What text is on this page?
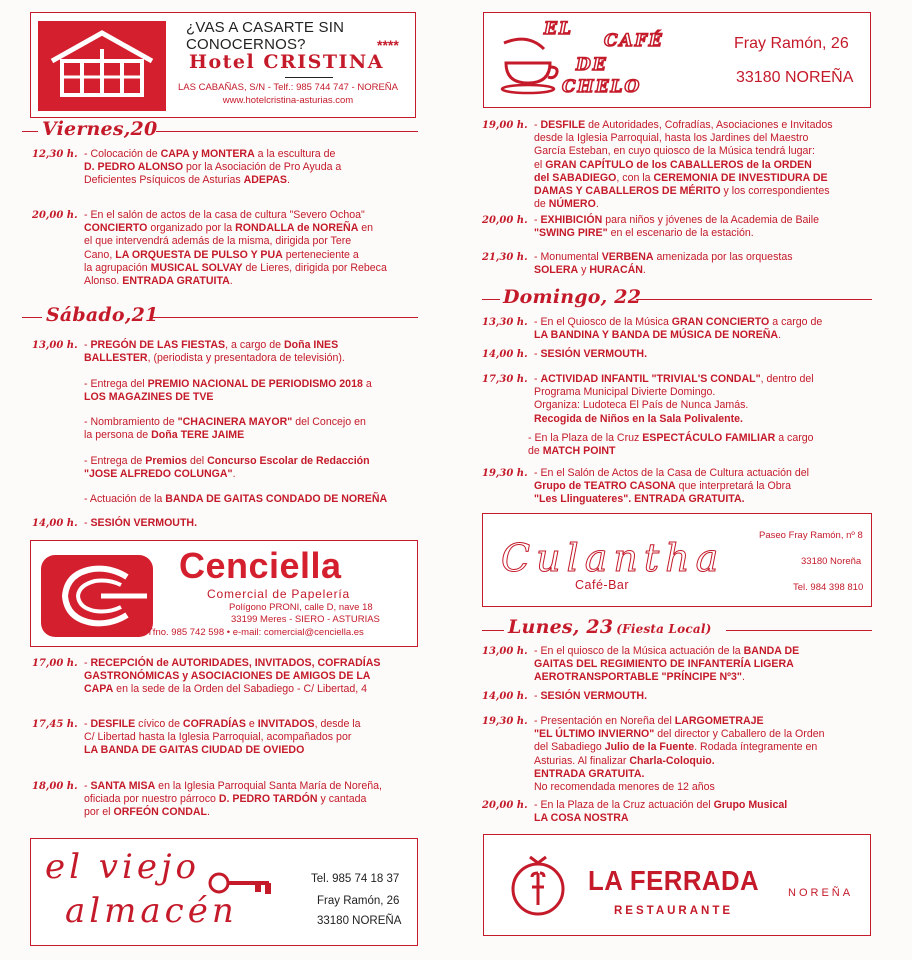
¿VAS A CASARTE SIN CONOCERNOS?	****
Hotel CRISTINA
LAS CABAÑAS, S/N - Telf.: 985 744 747 - NOREÑA
www.hotelcristina-asturias.com
Viernes,20
12,30 h. - Colocación de CAPA y MONTERA a la escultura de
D. PEDRO ALONSO por la Asociación de Pro Ayuda a
Deficientes Psíquicos de Asturias ADEPAS.
20,00 h. - En el salón de actos de la casa de cultura "Severo Ochoa"
CONCIERTO organizado por la RONDALLA de NOREÑA en
el que intervendrá además de la misma, dirigida por Tere
Cano, LA ORQUESTA DE PULSO Y PUA perteneciente a
la agrupación MUSICAL SOLVAY de Lieres, dirigida por Rebeca
Alonso. ENTRADA GRATUITA.
Sábado,21
13,00 h. - PREGÓN DE LAS FIESTAS, a cargo de Doña INES
BALLESTER, (periodista y presentadora de televisión).
- Entrega del PREMIO NACIONAL DE PERIODISMO 2018 a
LOS MAGAZINES DE TVE
- Nombramiento de "CHACINERA MAYOR" del Concejo en
la persona de Doña TERE JAIME
- Entrega de Premios del Concurso Escolar de Redacción
"JOSE ALFREDO COLUNGA".
- Actuación de la BANDA DE GAITAS CONDADO DE NOREÑA
14,00 h. - SESIÓN VERMOUTH.
Cenciella
Comercial de Papelería
Polígono PRONI, calle D, nave 18
33199 Meres - SIERO - ASTURIAS
Tfno. 985 742 598 • e-mail: comercial@cenciella.es
17,00 h. - RECEPCIÓN de AUTORIDADES, INVITADOS, COFRADÍAS
GASTRONÓMICAS y ASOCIACIONES DE AMIGOS DE LA
CAPA en la sede de la Orden del Sabadiego - C/ Libertad, 4
17,45 h. - DESFILE cívico de COFRADÍAS e INVITADOS, desde la
C/ Libertad hasta la Iglesia Parroquial, acompañados por
LA BANDA DE GAITAS CIUDAD DE OVIEDO
18,00 h. - SANTA MISA en la Iglesia Parroquial Santa María de Noreña,
oficiada por nuestro párroco D. PEDRO TARDÓN y cantada
por el ORFEÓN CONDAL.
el viejo
almacén
Tel. 985 74 18 37
Fray Ramón, 26
33180 NOREÑA
EL
CAFÉ
DE
CHELO
Fray Ramón, 26
33180 NOREÑA
19,00 h. - DESFILE de Autoridades, Cofradías, Asociaciones e Invitados
desde la Iglesia Parroquial, hasta los Jardines del Maestro
García Esteban, en cuyo quiosco de la Música tendrá lugar:
el GRAN CAPÍTULO de los CABALLEROS de la ORDEN
del SABADIEGO, con la CEREMONIA DE INVESTIDURA DE
DAMAS Y CABALLEROS DE MÉRITO y los correspondientes
de NÚMERO.
20,00 h. - EXHIBICIÓN para niños y jóvenes de la Academia de Baile
"SWING PIRE" en el escenario de la estación.
21,30 h. - Monumental VERBENA amenizada por las orquestas
SOLERA y HURACÁN.
Domingo, 22
13,30 h. - En el Quiosco de la Música GRAN CONCIERTO a cargo de
LA BANDINA Y BANDA DE MÚSICA DE NOREÑA.
14,00 h. - SESIÓN VERMOUTH.
17,30 h. - ACTIVIDAD INFANTIL "TRIVIAL'S CONDAL", dentro del
Programa Municipal Divierte Domingo.
Organiza: Ludoteca El País de Nunca Jamás.
Recogida de Niños en la Sala Polivalente.
- En la Plaza de la Cruz ESPECTÁCULO FAMILIAR a cargo
de MATCH POINT
19,30 h. - En el Salón de Actos de la Casa de Cultura actuación del
Grupo de TEATRO CASONA que interpretará la Obra
"Les Llinguateres". ENTRADA GRATUITA.
Culantha
Café-Bar
Paseo Fray Ramón, nº 8
33180 Noreña
Tel. 984 398 810
Lunes, 23 (Fiesta Local)
13,00 h. - En el quiosco de la Música actuación de la BANDA DE
GAITAS DEL REGIMIENTO DE INFANTERÍA LIGERA
AEROTRANSPORTABLE "PRÍNCIPE Nº3".
14,00 h. - SESIÓN VERMOUTH.
19,30 h. - Presentación en Noreña del LARGOMETRAJE
"EL ÚLTIMO INVIERNO" del director y Caballero de la Orden
del Sabadiego Julio de la Fuente. Rodada íntegramente en
Asturias. Al finalizar Charla-Coloquio.
ENTRADA GRATUITA.
No recomendada menores de 12 años
20,00 h. - En la Plaza de la Cruz actuación del Grupo Musical
LA COSA NOSTRA
LA FERRADA	NOREÑA
RESTAURANTE
